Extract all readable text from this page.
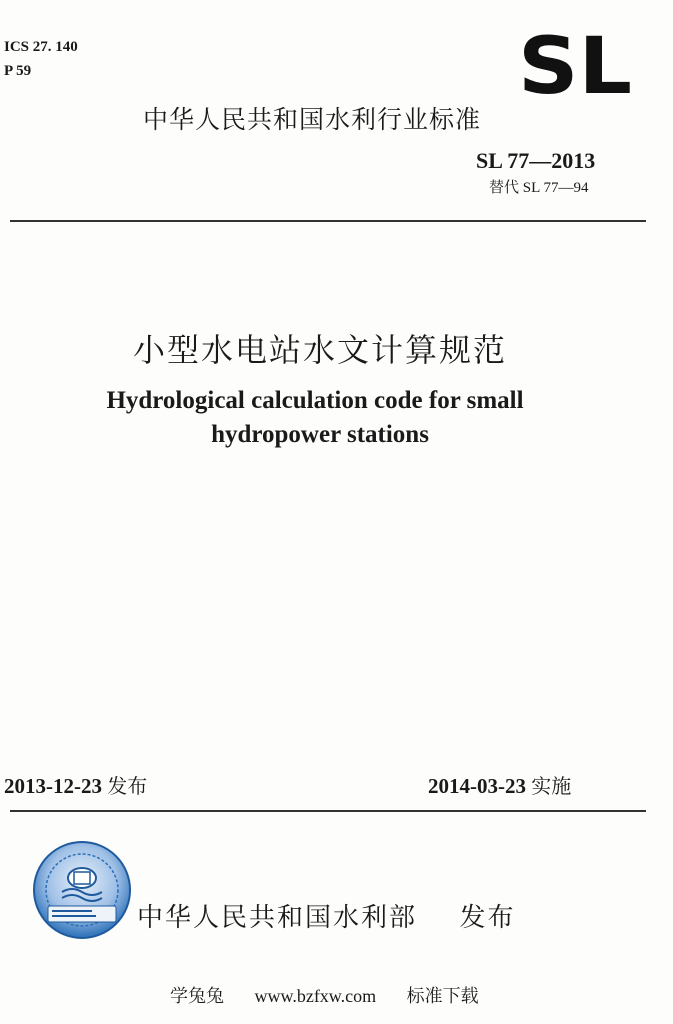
ICS 27. 140
P 59	SL
中华人民共和国水利行业标准
SL 77—2013
替代 SL 77—94
小型水电站水文计算规范
Hydrological calculation code for small
hydropower stations
2013-12-23 发布	2014-03-23 实施
中华人民共和国水利部 发布
学兔兔 www.bzfxw.com 标准下载
